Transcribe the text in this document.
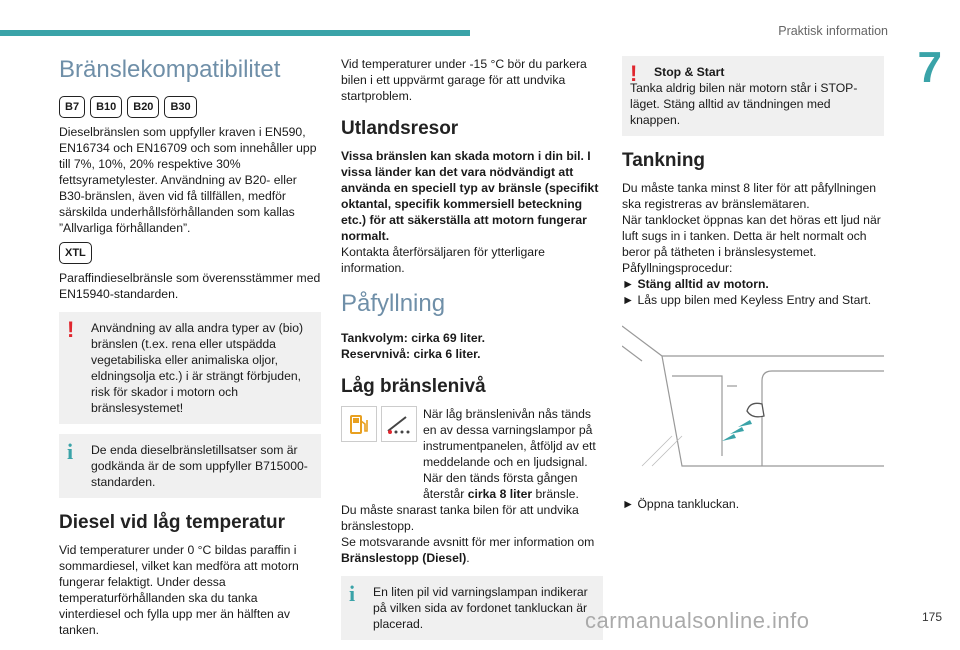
Praktisk information
7
Bränslekompatibilitet
B7	B10	B20	B30

Dieselbränslen som uppfyller kraven i EN590, EN16734 och EN16709 och som innehåller upp till 7%, 10%, 20% respektive 30% fettsyrametylester. Användning av B20- eller B30-bränslen, även vid få tillfällen, medför särskilda underhållsförhållanden som kallas ”Allvarliga förhållanden”.

XTL

Paraffindieselbränsle som överensstämmer med EN15940-standarden.

!	Användning av alla andra typer av (bio) bränslen (t.ex. rena eller utspädda vegetabiliska eller animaliska oljor, eldningsolja etc.) i är strängt förbjuden, risk för skador i motorn och bränslesystemet!
i	De enda dieselbränsletillsatser som är godkända är de som uppfyller B715000-standarden.
Diesel vid låg temperatur

Vid temperaturer under 0 °C bildas paraffin i sommardiesel, vilket kan medföra att motorn fungerar felaktigt. Under dessa temperaturförhållanden ska du tanka vinterdiesel och fylla upp mer än hälften av tanken.

Vid temperaturer under -15 °C bör du parkera bilen i ett uppvärmt garage för att undvika startproblem.

Utlandsresor

Vissa bränslen kan skada motorn i din bil. I vissa länder kan det vara nödvändigt att använda en speciell typ av bränsle (specifikt oktantal, specifik kommersiell beteckning etc.) för att säkerställa att motorn fungerar normalt.

Kontakta återförsäljaren för ytterligare information.

Påfyllning

Tankvolym: cirka 69 liter.

Reservnivå: cirka 6 liter.

Låg bränslenivå

När låg bränslenivån nås tänds en av dessa varningslampor på instrumentpanelen, åtföljd av ett meddelande och en ljudsignal. När den tänds första gången återstår cirka 8 liter bränsle.

Du måste snarast tanka bilen för att undvika bränslestopp.

Se motsvarande avsnitt för mer information om Bränslestopp (Diesel).

i	En liten pil vid varningslampan indikerar på vilken sida av fordonet tankluckan är placerad.
!	Stop & Start
Tanka aldrig bilen när motorn står i STOP-läget. Stäng alltid av tändningen med knappen.
Tankning

Du måste tanka minst 8 liter för att påfyllningen ska registreras av bränslemätaren.

När tanklocket öppnas kan det höras ett ljud när luft sugs in i tanken. Detta är helt normalt och beror på tätheten i bränslesystemet.

Påfyllningsprocedur:

► Stäng alltid av motorn.

► Lås upp bilen med Keyless Entry and Start.

► Öppna tankluckan.

carmanualsonline.info	175
